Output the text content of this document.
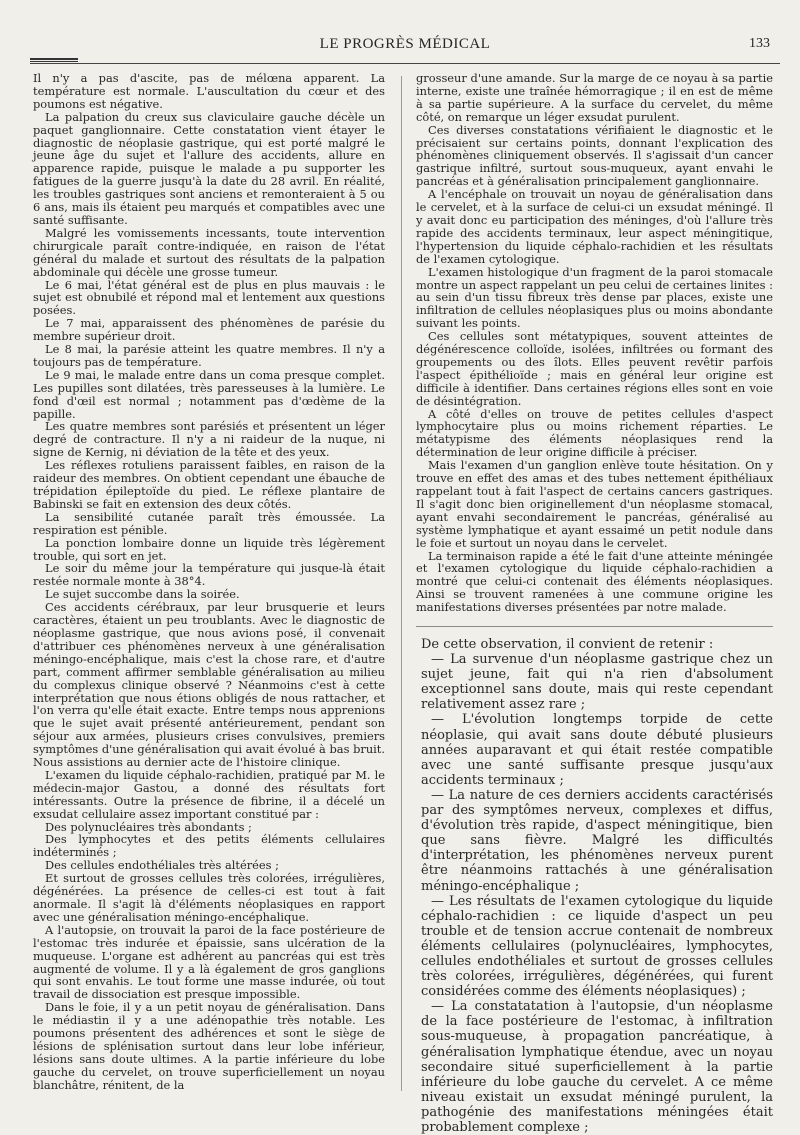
LE PROGRÈS MÉDICAL	133

Il n'y a pas d'ascite, pas de mélœna apparent. La température est normale. L'auscultation du cœur et des poumons est négative.

La palpation du creux sus claviculaire gauche décèle un paquet ganglionnaire. Cette constatation vient étayer le diagnostic de néoplasie gastrique, qui est porté malgré le jeune âge du sujet et l'allure des accidents, allure en apparence rapide, puisque le malade a pu supporter les fatigues de la guerre jusqu'à la date du 28 avril. En réalité, les troubles gastriques sont anciens et remonteraient à 5 ou 6 ans, mais ils étaient peu marqués et compatibles avec une santé suffisante.

Malgré les vomissements incessants, toute intervention chirurgicale paraît contre-indiquée, en raison de l'état général du malade et surtout des résultats de la palpation abdominale qui décèle une grosse tumeur.

Le 6 mai, l'état général est de plus en plus mauvais : le sujet est obnubilé et répond mal et lentement aux questions posées.

Le 7 mai, apparaissent des phénomènes de parésie du membre supérieur droit.

Le 8 mai, la parésie atteint les quatre membres. Il n'y a toujours pas de température.

Le 9 mai, le malade entre dans un coma presque complet. Les pupilles sont dilatées, très paresseuses à la lumière. Le fond d'œil est normal ; notamment pas d'œdème de la papille.

Les quatre membres sont parésiés et présentent un léger degré de contracture. Il n'y a ni raideur de la nuque, ni signe de Kernig, ni déviation de la tête et des yeux.

Les réflexes rotuliens paraissent faibles, en raison de la raideur des membres. On obtient cependant une ébauche de trépidation épileptoïde du pied. Le réflexe plantaire de Babinski se fait en extension des deux côtés.

La sensibilité cutanée paraît très émoussée. La respiration est pénible.

La ponction lombaire donne un liquide très légèrement trouble, qui sort en jet.

Le soir du même jour la température qui jusque-là était restée normale monte à 38°4.

Le sujet succombe dans la soirée.

Ces accidents cérébraux, par leur brusquerie et leurs caractères, étaient un peu troublants. Avec le diagnostic de néoplasme gastrique, que nous avions posé, il convenait d'attribuer ces phénomènes nerveux à une généralisation méningo-encéphalique, mais c'est la chose rare, et d'autre part, comment affirmer semblable généralisation au milieu du complexus clinique observé ? Néanmoins c'est à cette interprétation que nous étions obligés de nous rattacher, et l'on verra qu'elle était exacte. Entre temps nous apprenions que le sujet avait présenté antérieurement, pendant son séjour aux armées, plusieurs crises convulsives, premiers symptômes d'une généralisation qui avait évolué à bas bruit. Nous assistions au dernier acte de l'histoire clinique.

L'examen du liquide céphalo-rachidien, pratiqué par M. le médecin-major Gastou, a donné des résultats fort intéressants. Outre la présence de fibrine, il a décelé un exsudat cellulaire assez important constitué par :

Des polynucléaires très abondants ;

Des lymphocytes et des petits éléments cellulaires indéterminés ;

Des cellules endothéliales très altérées ;

Et surtout de grosses cellules très colorées, irrégulières, dégénérées. La présence de celles-ci est tout à fait anormale. Il s'agit là d'éléments néoplasiques en rapport avec une généralisation méningo-encéphalique.

A l'autopsie, on trouvait la paroi de la face postérieure de l'estomac très indurée et épaissie, sans ulcération de la muqueuse. L'organe est adhérent au pancréas qui est très augmenté de volume. Il y a là également de gros ganglions qui sont envahis. Le tout forme une masse indurée, où tout travail de dissociation est presque impossible.

Dans le foie, il y a un petit noyau de généralisation. Dans le médiastin il y a une adénopathie très notable. Les poumons présentent des adhérences et sont le siège de lésions de splénisation surtout dans leur lobe inférieur, lésions sans doute ultimes. A la partie inférieure du lobe gauche du cervelet, on trouve superficiellement un noyau blanchâtre, rénitent, de la

grosseur d'une amande. Sur la marge de ce noyau à sa partie interne, existe une traînée hémorragique ; il en est de même à sa partie supérieure. A la surface du cervelet, du même côté, on remarque un léger exsudat purulent.

Ces diverses constatations vérifiaient le diagnostic et le précisaient sur certains points, donnant l'explication des phénomènes cliniquement observés. Il s'agissait d'un cancer gastrique infiltré, surtout sous-muqueux, ayant envahi le pancréas et à généralisation principalement ganglionnaire.

A l'encéphale on trouvait un noyau de généralisation dans le cervelet, et à la surface de celui-ci un exsudat méningé. Il y avait donc eu participation des méninges, d'où l'allure très rapide des accidents terminaux, leur aspect méningitique, l'hypertension du liquide céphalo-rachidien et les résultats de l'examen cytologique.

L'examen histologique d'un fragment de la paroi stomacale montre un aspect rappelant un peu celui de certaines linites : au sein d'un tissu fibreux très dense par places, existe une infiltration de cellules néoplasiques plus ou moins abondante suivant les points.

Ces cellules sont métatypiques, souvent atteintes de dégénérescence colloïde, isolées, infiltrées ou formant des groupements ou des îlots. Elles peuvent revêtir parfois l'aspect épithélioïde ; mais en général leur origine est difficile à identifier. Dans certaines régions elles sont en voie de désintégration.

A côté d'elles on trouve de petites cellules d'aspect lymphocytaire plus ou moins richement réparties. Le métatypisme des éléments néoplasiques rend la détermination de leur origine difficile à préciser.

Mais l'examen d'un ganglion enlève toute hésitation. On y trouve en effet des amas et des tubes nettement épithéliaux rappelant tout à fait l'aspect de certains cancers gastriques. Il s'agit donc bien originellement d'un néoplasme stomacal, ayant envahi secondairement le pancréas, généralisé au système lymphatique et ayant essaimé un petit nodule dans le foie et surtout un noyau dans le cervelet.

La terminaison rapide a été le fait d'une atteinte méningée et l'examen cytologique du liquide céphalo-rachidien a montré que celui-ci contenait des éléments néoplasiques. Ainsi se trouvent ramenées à une commune origine les manifestations diverses présentées par notre malade.

De cette observation, il convient de retenir :

— La survenue d'un néoplasme gastrique chez un sujet jeune, fait qui n'a rien d'absolument exceptionnel sans doute, mais qui reste cependant relativement assez rare ;

— L'évolution longtemps torpide de cette néoplasie, qui avait sans doute débuté plusieurs années auparavant et qui était restée compatible avec une santé suffisante presque jusqu'aux accidents terminaux ;

— La nature de ces derniers accidents caractérisés par des symptômes nerveux, complexes et diffus, d'évolution très rapide, d'aspect méningitique, bien que sans fièvre. Malgré les difficultés d'interprétation, les phénomènes nerveux purent être néanmoins rattachés à une généralisation méningo-encéphalique ;

— Les résultats de l'examen cytologique du liquide céphalo-rachidien : ce liquide d'aspect un peu trouble et de tension accrue contenait de nombreux éléments cellulaires (polynucléaires, lymphocytes, cellules endothéliales et surtout de grosses cellules très colorées, irrégulières, dégénérées, qui furent considérées comme des éléments néoplasiques) ;

— La constatatation à l'autopsie, d'un néoplasme de la face postérieure de l'estomac, à infiltration sous-muqueuse, à propagation pancréatique, à généralisation lymphatique étendue, avec un noyau secondaire situé superficiellement à la partie inférieure du lobe gauche du cervelet. A ce même niveau existait un exsudat méningé purulent, la pathogénie des manifestations méningées était probablement complexe ;
